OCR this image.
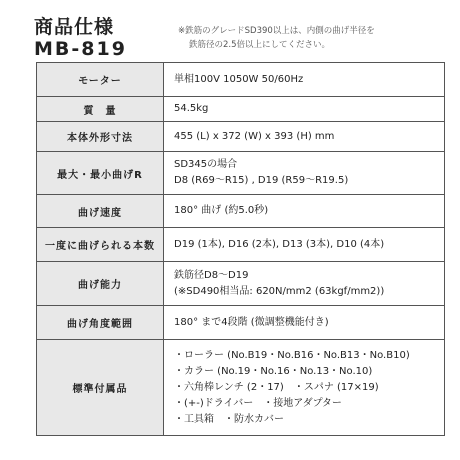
商品仕様
MB-819
※鉄筋のグレードSD390以上は、内側の曲げ半径を
鉄筋径の2.5倍以上にしてください。
モーター	単相100V 1050W 50/60Hz

質　量	54.5kg

本体外形寸法	455 (L) x 372 (W) x 393 (H) mm

最大・最小曲げR	SD345の場合
D8 (R69〜R15) , D19 (R59〜R19.5)

曲げ速度	180° 曲げ (約5.0秒)

一度に曲げられる本数	D19 (1本), D16 (2本), D13 (3本), D10 (4本)

曲げ能力	鉄筋径D8〜D19
(※SD490相当品: 620N/mm2 (63kgf/mm2))

曲げ角度範囲	180° まで4段階 (微調整機能付き)

標準付属品	・ローラー (No.B19・No.B16・No.B13・No.B10)
・カラー (No.19・No.16・No.13・No.10)
・六角棒レンチ (2・17)　・スパナ (17×19)
・(+-)ドライバー　・接地アダプター
・工具箱　・防水カバー
